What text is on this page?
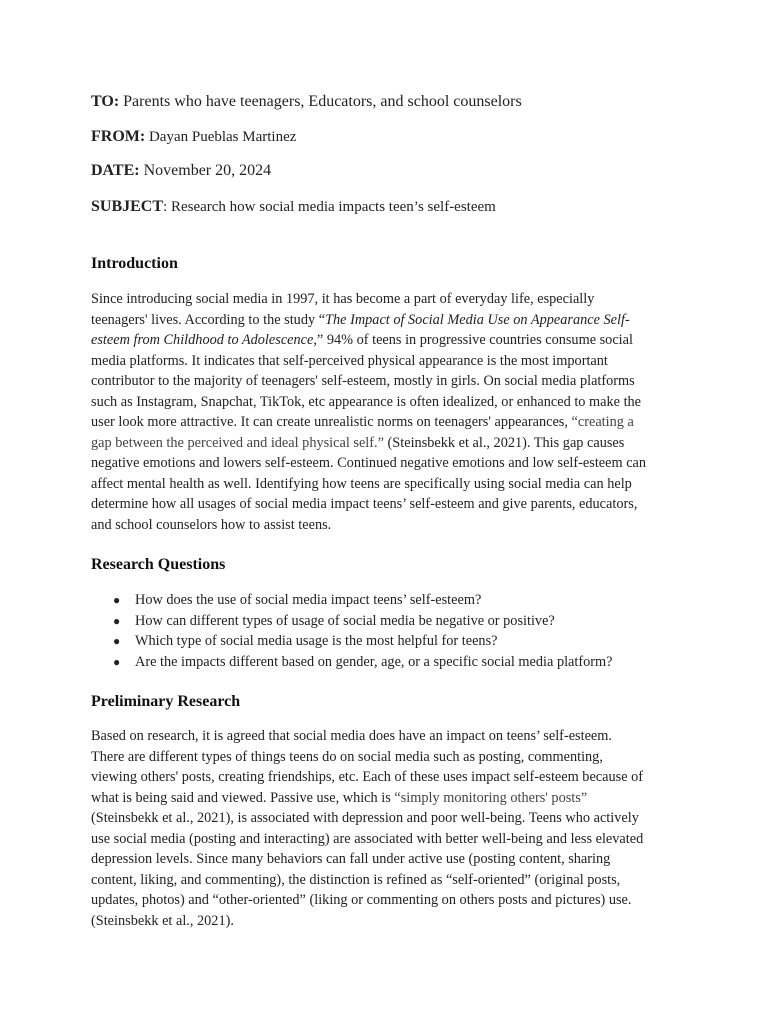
TO: Parents who have teenagers, Educators, and school counselors
FROM: Dayan Pueblas Martinez
DATE: November 20, 2024
SUBJECT: Research how social media impacts teen’s self-esteem
Introduction
Since introducing social media in 1997, it has become a part of everyday life, especially
teenagers' lives. According to the study “The Impact of Social Media Use on Appearance Self-
esteem from Childhood to Adolescence,” 94% of teens in progressive countries consume social
media platforms. It indicates that self-perceived physical appearance is the most important
contributor to the majority of teenagers' self-esteem, mostly in girls. On social media platforms
such as Instagram, Snapchat, TikTok, etc appearance is often idealized, or enhanced to make the
user look more attractive. It can create unrealistic norms on teenagers' appearances, “creating a
gap between the perceived and ideal physical self.” (Steinsbekk et al., 2021). This gap causes
negative emotions and lowers self-esteem. Continued negative emotions and low self-esteem can
affect mental health as well. Identifying how teens are specifically using social media can help
determine how all usages of social media impact teens’ self-esteem and give parents, educators,
and school counselors how to assist teens.
Research Questions
● How does the use of social media impact teens’ self-esteem?
● How can different types of usage of social media be negative or positive?
● Which type of social media usage is the most helpful for teens?
● Are the impacts different based on gender, age, or a specific social media platform?
Preliminary Research
Based on research, it is agreed that social media does have an impact on teens’ self-esteem.
There are different types of things teens do on social media such as posting, commenting,
viewing others' posts, creating friendships, etc. Each of these uses impact self-esteem because of
what is being said and viewed. Passive use, which is “simply monitoring others' posts”
(Steinsbekk et al., 2021), is associated with depression and poor well-being. Teens who actively
use social media (posting and interacting) are associated with better well-being and less elevated
depression levels. Since many behaviors can fall under active use (posting content, sharing
content, liking, and commenting), the distinction is refined as “self-oriented” (original posts,
updates, photos) and “other-oriented” (liking or commenting on others posts and pictures) use.
(Steinsbekk et al., 2021).
